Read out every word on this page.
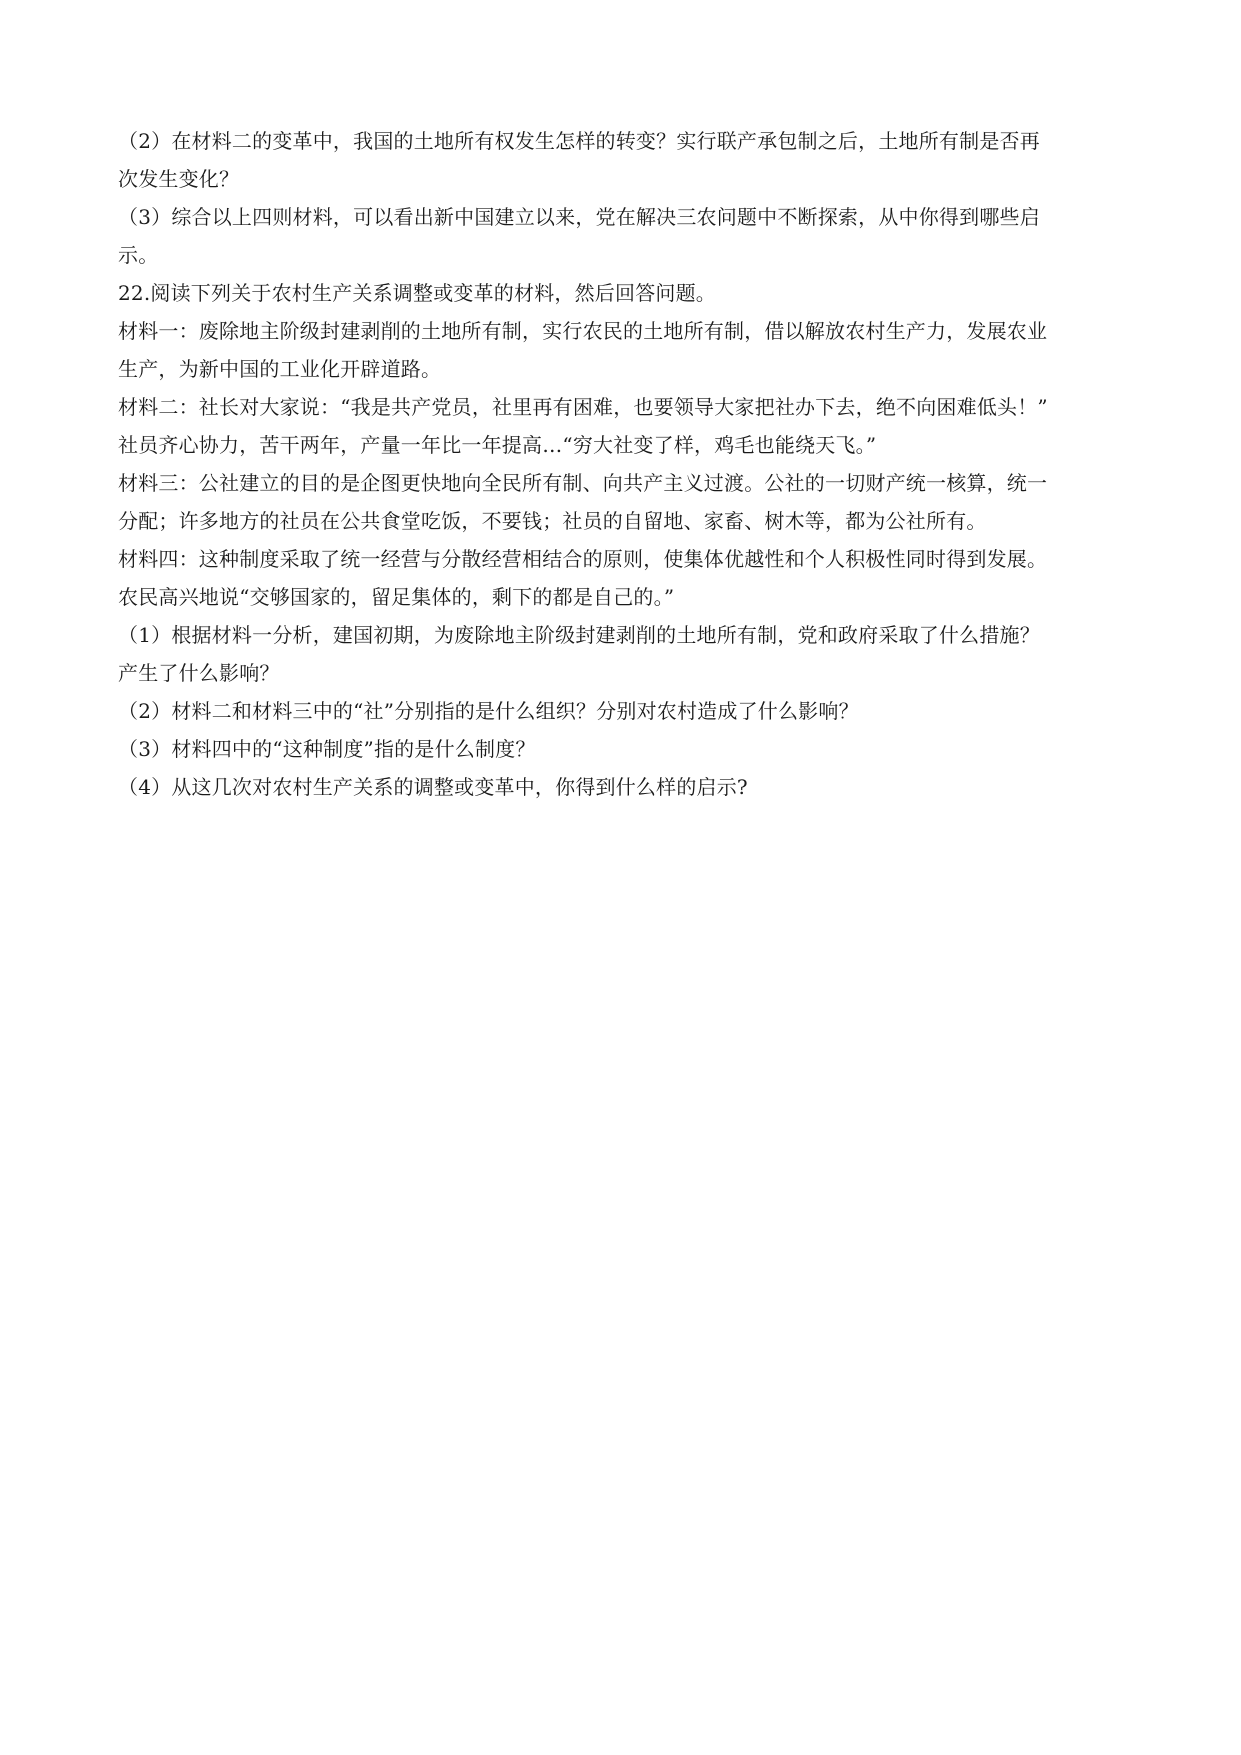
（2）在材料二的变革中，我国的土地所有权发生怎样的转变？实行联产承包制之后，土地所有制是否再
次发生变化？
（3）综合以上四则材料，可以看出新中国建立以来，党在解决三农问题中不断探索，从中你得到哪些启
示。
22.阅读下列关于农村生产关系调整或变革的材料，然后回答问题。
材料一：废除地主阶级封建剥削的土地所有制，实行农民的土地所有制，借以解放农村生产力，发展农业
生产，为新中国的工业化开辟道路。
材料二：社长对大家说：“我是共产党员，社里再有困难，也要领导大家把社办下去，绝不向困难低头！”
社员齐心协力，苦干两年，产量一年比一年提高…“穷大社变了样，鸡毛也能绕天飞。”
材料三：公社建立的目的是企图更快地向全民所有制、向共产主义过渡。公社的一切财产统一核算，统一
分配；许多地方的社员在公共食堂吃饭，不要钱；社员的自留地、家畜、树木等，都为公社所有。
材料四：这种制度采取了统一经营与分散经营相结合的原则，使集体优越性和个人积极性同时得到发展。
农民高兴地说“交够国家的，留足集体的，剩下的都是自己的。”
（1）根据材料一分析，建国初期，为废除地主阶级封建剥削的土地所有制，党和政府采取了什么措施？
产生了什么影响？
（2）材料二和材料三中的“社”分别指的是什么组织？分别对农村造成了什么影响？
（3）材料四中的“这种制度”指的是什么制度？
（4）从这几次对农村生产关系的调整或变革中，你得到什么样的启示?
